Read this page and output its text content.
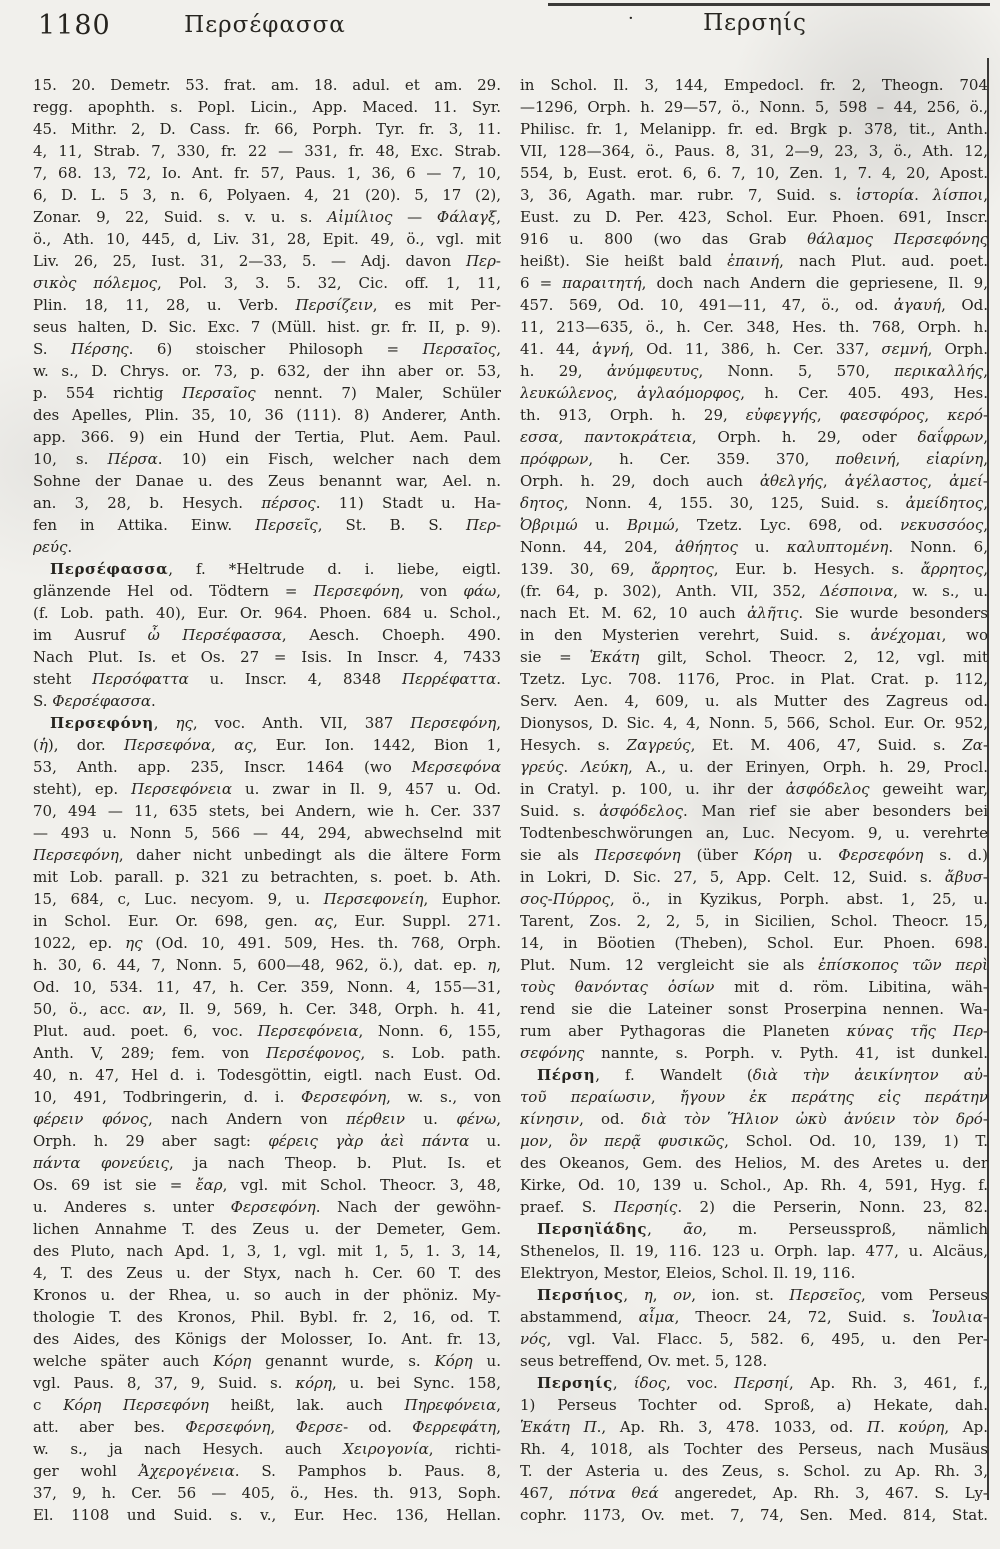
1180	Περσέφασσα	·	Περσηίς
15. 20. Demetr. 53. frat. am. 18. adul. et am. 29.
regg. apophth. s. Popl. Licin., App. Maced. 11. Syr.
45. Mithr. 2, D. Cass. fr. 66, Porph. Tyr. fr. 3, 11.
4, 11, Strab. 7, 330, fr. 22 — 331, fr. 48, Exc. Strab.
7, 68. 13, 72, Io. Ant. fr. 57, Paus. 1, 36, 6 — 7, 10,
6, D. L. 5 3, n. 6, Polyaen. 4, 21 (20). 5, 17 (2),
Zonar. 9, 22, Suid. s. v. u. s. Αἰμίλιος — Φάλαγξ,
ö., Ath. 10, 445, d, Liv. 31, 28, Epit. 49, ö., vgl. mit
Liv. 26, 25, Iust. 31, 2—33, 5. — Adj. davon Περ-
σικὸς πόλεμος, Pol. 3, 3. 5. 32, Cic. off. 1, 11,
Plin. 18, 11, 28, u. Verb. Περσίζειν, es mit Per-
seus halten, D. Sic. Exc. 7 (Müll. hist. gr. fr. II, p. 9).
S. Πέρσης. 6) stoischer Philosoph = Περσαῖος,
w. s., D. Chrys. or. 73, p. 632, der ihn aber or. 53,
p. 554 richtig Περσαῖος nennt. 7) Maler, Schüler
des Apelles, Plin. 35, 10, 36 (111). 8) Anderer, Anth.
app. 366. 9) ein Hund der Tertia, Plut. Aem. Paul.
10, s. Πέρσα. 10) ein Fisch, welcher nach dem
Sohne der Danae u. des Zeus benannt war, Ael. n.
an. 3, 28, b. Hesych. πέρσος. 11) Stadt u. Ha-
fen in Attika. Einw. Περσεῖς, St. B. S. Περ-
ρεύς.
Περσέφασσα, f. *Heltrude d. i. liebe, eigtl.
glänzende Hel od. Tödtern = Περσεφόνη, von φάω,
(f. Lob. path. 40), Eur. Or. 964. Phoen. 684 u. Schol.,
im Ausruf ὦ Περσέφασσα, Aesch. Choeph. 490.
Nach Plut. Is. et Os. 27 = Isis. In Inscr. 4, 7433
steht Περσόφαττα u. Inscr. 4, 8348 Περρέφαττα.
S. Φερσέφασσα.
Περσεφόνη, ης, voc. Anth. VII, 387 Περσεφόνη,
(ἡ), dor. Περσεφόνα, ας, Eur. Ion. 1442, Bion 1,
53, Anth. app. 235, Inscr. 1464 (wo Μερσεφόνα
steht), ep. Περσεφόνεια u. zwar in Il. 9, 457 u. Od.
70, 494 — 11, 635 stets, bei Andern, wie h. Cer. 337
— 493 u. Nonn 5, 566 — 44, 294, abwechselnd mit
Περσεφόνη, daher nicht unbedingt als die ältere Form
mit Lob. parall. p. 321 zu betrachten, s. poet. b. Ath.
15, 684, c, Luc. necyom. 9, u. Περσεφονείη, Euphor.
in Schol. Eur. Or. 698, gen. ας, Eur. Suppl. 271.
1022, ep. ης (Od. 10, 491. 509, Hes. th. 768, Orph.
h. 30, 6. 44, 7, Nonn. 5, 600—48, 962, ö.), dat. ep. η,
Od. 10, 534. 11, 47, h. Cer. 359, Nonn. 4, 155—31,
50, ö., acc. αν, Il. 9, 569, h. Cer. 348, Orph. h. 41,
Plut. aud. poet. 6, voc. Περσεφόνεια, Nonn. 6, 155,
Anth. V, 289; fem. von Περσέφονος, s. Lob. path.
40, n. 47, Hel d. i. Todesgöttin, eigtl. nach Eust. Od.
10, 491, Todbringerin, d. i. Φερσεφόνη, w. s., von
φέρειν φόνος, nach Andern von πέρθειν u. φένω,
Orph. h. 29 aber sagt: φέρεις γὰρ ἀεὶ πάντα u.
πάντα φονεύεις, ja nach Theop. b. Plut. Is. et
Os. 69 ist sie = ἔαρ, vgl. mit Schol. Theocr. 3, 48,
u. Anderes s. unter Φερσεφόνη. Nach der gewöhn-
lichen Annahme T. des Zeus u. der Demeter, Gem.
des Pluto, nach Apd. 1, 3, 1, vgl. mit 1, 5, 1. 3, 14,
4, T. des Zeus u. der Styx, nach h. Cer. 60 T. des
Kronos u. der Rhea, u. so auch in der phöniz. My-
thologie T. des Kronos, Phil. Bybl. fr. 2, 16, od. T.
des Aides, des Königs der Molosser, Io. Ant. fr. 13,
welche später auch Κόρη genannt wurde, s. Κόρη u.
vgl. Paus. 8, 37, 9, Suid. s. κόρη, u. bei Sync. 158,
c Κόρη Περσεφόνη heißt, lak. auch Πηρεφόνεια,
att. aber bes. Φερσεφόνη, Φερσε- od. Φερρεφάτη,
w. s., ja nach Hesych. auch Χειρογονία, richti-
ger wohl Ἀχερογένεια. S. Pamphos b. Paus. 8,
37, 9, h. Cer. 56 — 405, ö., Hes. th. 913, Soph.
El. 1108 und Suid. s. v., Eur. Hec. 136, Hellan.
in Schol. Il. 3, 144, Empedocl. fr. 2, Theogn. 704
—1296, Orph. h. 29—57, ö., Nonn. 5, 598 – 44, 256, ö.,
Philisc. fr. 1, Melanipp. fr. ed. Brgk p. 378, tit., Anth.
VII, 128—364, ö., Paus. 8, 31, 2—9, 23, 3, ö., Ath. 12,
554, b, Eust. erot. 6, 6. 7, 10, Zen. 1, 7. 4, 20, Apost.
3, 36, Agath. mar. rubr. 7, Suid. s. ἱστορία. λίσποι,
Eust. zu D. Per. 423, Schol. Eur. Phoen. 691, Inscr.
916 u. 800 (wo das Grab θάλαμος Περσεφόνης
heißt). Sie heißt bald ἐπαινή, nach Plut. aud. poet.
6 = παραιτητή, doch nach Andern die gepriesene, Il. 9,
457. 569, Od. 10, 491—11, 47, ö., od. ἀγαυή, Od.
11, 213—635, ö., h. Cer. 348, Hes. th. 768, Orph. h.
41. 44, ἁγνή, Od. 11, 386, h. Cer. 337, σεμνή, Orph.
h. 29, ἀνύμφευτυς, Nonn. 5, 570, περικαλλής,
λευκώλενος, ἀγλαόμορφος, h. Cer. 405. 493, Hes.
th. 913, Orph. h. 29, εὐφεγγής, φαεσφόρος, κερό-
εσσα, παντοκράτεια, Orph. h. 29, oder δαΐφρων,
πρόφρων, h. Cer. 359. 370, ποθεινή, εἰαρίνη,
Orph. h. 29, doch auch ἀθελγής, ἀγέλαστος, ἀμεί-
δητος, Nonn. 4, 155. 30, 125, Suid. s. ἀμείδητος,
Ὀβριμώ u. Βριμώ, Tzetz. Lyc. 698, od. νεκυσσόος,
Nonn. 44, 204, ἀθήητος u. καλυπτομένη. Nonn. 6,
139. 30, 69, ἄρρητος, Eur. b. Hesych. s. ἄρρητος,
(fr. 64, p. 302), Anth. VII, 352, Δέσποινα, w. s., u.
nach Et. M. 62, 10 auch ἀλῆτις. Sie wurde besonders
in den Mysterien verehrt, Suid. s. ἀνέχομαι, wo
sie = Ἑκάτη gilt, Schol. Theocr. 2, 12, vgl. mit
Tzetz. Lyc. 708. 1176, Proc. in Plat. Crat. p. 112,
Serv. Aen. 4, 609, u. als Mutter des Zagreus od.
Dionysos, D. Sic. 4, 4, Nonn. 5, 566, Schol. Eur. Or. 952,
Hesych. s. Ζαγρεύς, Et. M. 406, 47, Suid. s. Ζα-
γρεύς. Λεύκη, A., u. der Erinyen, Orph. h. 29, Procl.
in Cratyl. p. 100, u. ihr der ἀσφόδελος geweiht war,
Suid. s. ἀσφόδελος. Man rief sie aber besonders bei
Todtenbeschwörungen an, Luc. Necyom. 9, u. verehrte
sie als Περσεφόνη (über Κόρη u. Φερσεφόνη s. d.)
in Lokri, D. Sic. 27, 5, App. Celt. 12, Suid. s. ἄβυσ-
σος-Πύρρος, ö., in Kyzikus, Porph. abst. 1, 25, u.
Tarent, Zos. 2, 2, 5, in Sicilien, Schol. Theocr. 15,
14, in Böotien (Theben), Schol. Eur. Phoen. 698.
Plut. Num. 12 vergleicht sie als ἐπίσκοπος τῶν περὶ
τοὺς θανόντας ὁσίων mit d. röm. Libitina, wäh-
rend sie die Lateiner sonst Proserpina nennen. Wa-
rum aber Pythagoras die Planeten κύνας τῆς Περ-
σεφόνης nannte, s. Porph. v. Pyth. 41, ist dunkel.
Πέρση, f. Wandelt (διὰ τὴν ἀεικίνητον αὐ-
τοῦ περαίωσιν, ἤγουν ἐκ περάτης εἰς περάτην
κίνησιν, od. διὰ τὸν Ἥλιον ὠκὺ ἀνύειν τὸν δρό-
μον, ὃν περᾷ φυσικῶς, Schol. Od. 10, 139, 1) T.
des Okeanos, Gem. des Helios, M. des Aretes u. der
Kirke, Od. 10, 139 u. Schol., Ap. Rh. 4, 591, Hyg. f.
praef. S. Περσηίς. 2) die Perserin, Nonn. 23, 82.
Περσηϊάδης, ᾱο, m. Perseussproß, nämlich
Sthenelos, Il. 19, 116. 123 u. Orph. lap. 477, u. Alcäus,
Elektryon, Mestor, Eleios, Schol. Il. 19, 116.
Περσήιος, η, ον, ion. st. Περσεῖος, vom Perseus
abstammend, αἷμα, Theocr. 24, 72, Suid. s. Ἰουλια-
νός, vgl. Val. Flacc. 5, 582. 6, 495, u. den Per-
seus betreffend, Ov. met. 5, 128.
Περσηίς, ίδος, voc. Περσηί, Ap. Rh. 3, 461, f.,
1) Perseus Tochter od. Sproß, a) Hekate, dah.
Ἑκάτη Π., Ap. Rh. 3, 478. 1033, od. Π. κούρη, Ap.
Rh. 4, 1018, als Tochter des Perseus, nach Musäus
T. der Asteria u. des Zeus, s. Schol. zu Ap. Rh. 3,
467, πότνα θεά angeredet, Ap. Rh. 3, 467. S. Ly-
cophr. 1173, Ov. met. 7, 74, Sen. Med. 814, Stat.
